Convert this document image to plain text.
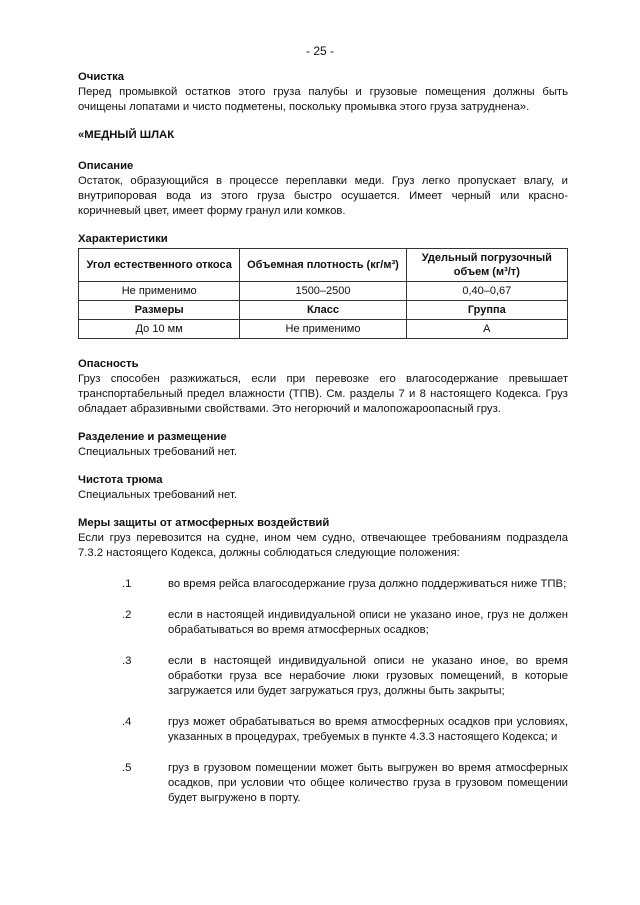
- 25 -

Очистка

Перед промывкой остатков этого груза палубы и грузовые помещения должны быть очищены лопатами и чисто подметены, поскольку промывка этого груза затруднена».

«МЕДНЫЙ ШЛАК

Описание

Остаток, образующийся в процессе переплавки меди. Груз легко пропускает влагу, и внутрипоровая вода из этого груза быстро осушается. Имеет черный или красно-коричневый цвет, имеет форму гранул или комков.

Характеристики

Угол естественного откоса	Объемная плотность (кг/м³)	Удельный погрузочный объем (м³/т)
Не применимо	1500–2500	0,40–0,67
Размеры	Класс	Группа
До 10 мм	Не применимо	A

Опасность

Груз способен разжижаться, если при перевозке его влагосодержание превышает транспортабельный предел влажности (ТПВ). См. разделы 7 и 8 настоящего Кодекса. Груз обладает абразивными свойствами. Это негорючий и малопожароопасный груз.

Разделение и размещение

Специальных требований нет.

Чистота трюма

Специальных требований нет.

Меры защиты от атмосферных воздействий

Если груз перевозится на судне, ином чем судно, отвечающее требованиям подраздела 7.3.2 настоящего Кодекса, должны соблюдаться следующие положения:

.1	во время рейса влагосодержание груза должно поддерживаться ниже ТПВ;
.2	если в настоящей индивидуальной описи не указано иное, груз не должен обрабатываться во время атмосферных осадков;
.3	если в настоящей индивидуальной описи не указано иное, во время обработки груза все нерабочие люки грузовых помещений, в которые загружается или будет загружаться груз, должны быть закрыты;
.4	груз может обрабатываться во время атмосферных осадков при условиях, указанных в процедурах, требуемых в пункте 4.3.3 настоящего Кодекса; и
.5	груз в грузовом помещении может быть выгружен во время атмосферных осадков, при условии что общее количество груза в грузовом помещении будет выгружено в порту.
